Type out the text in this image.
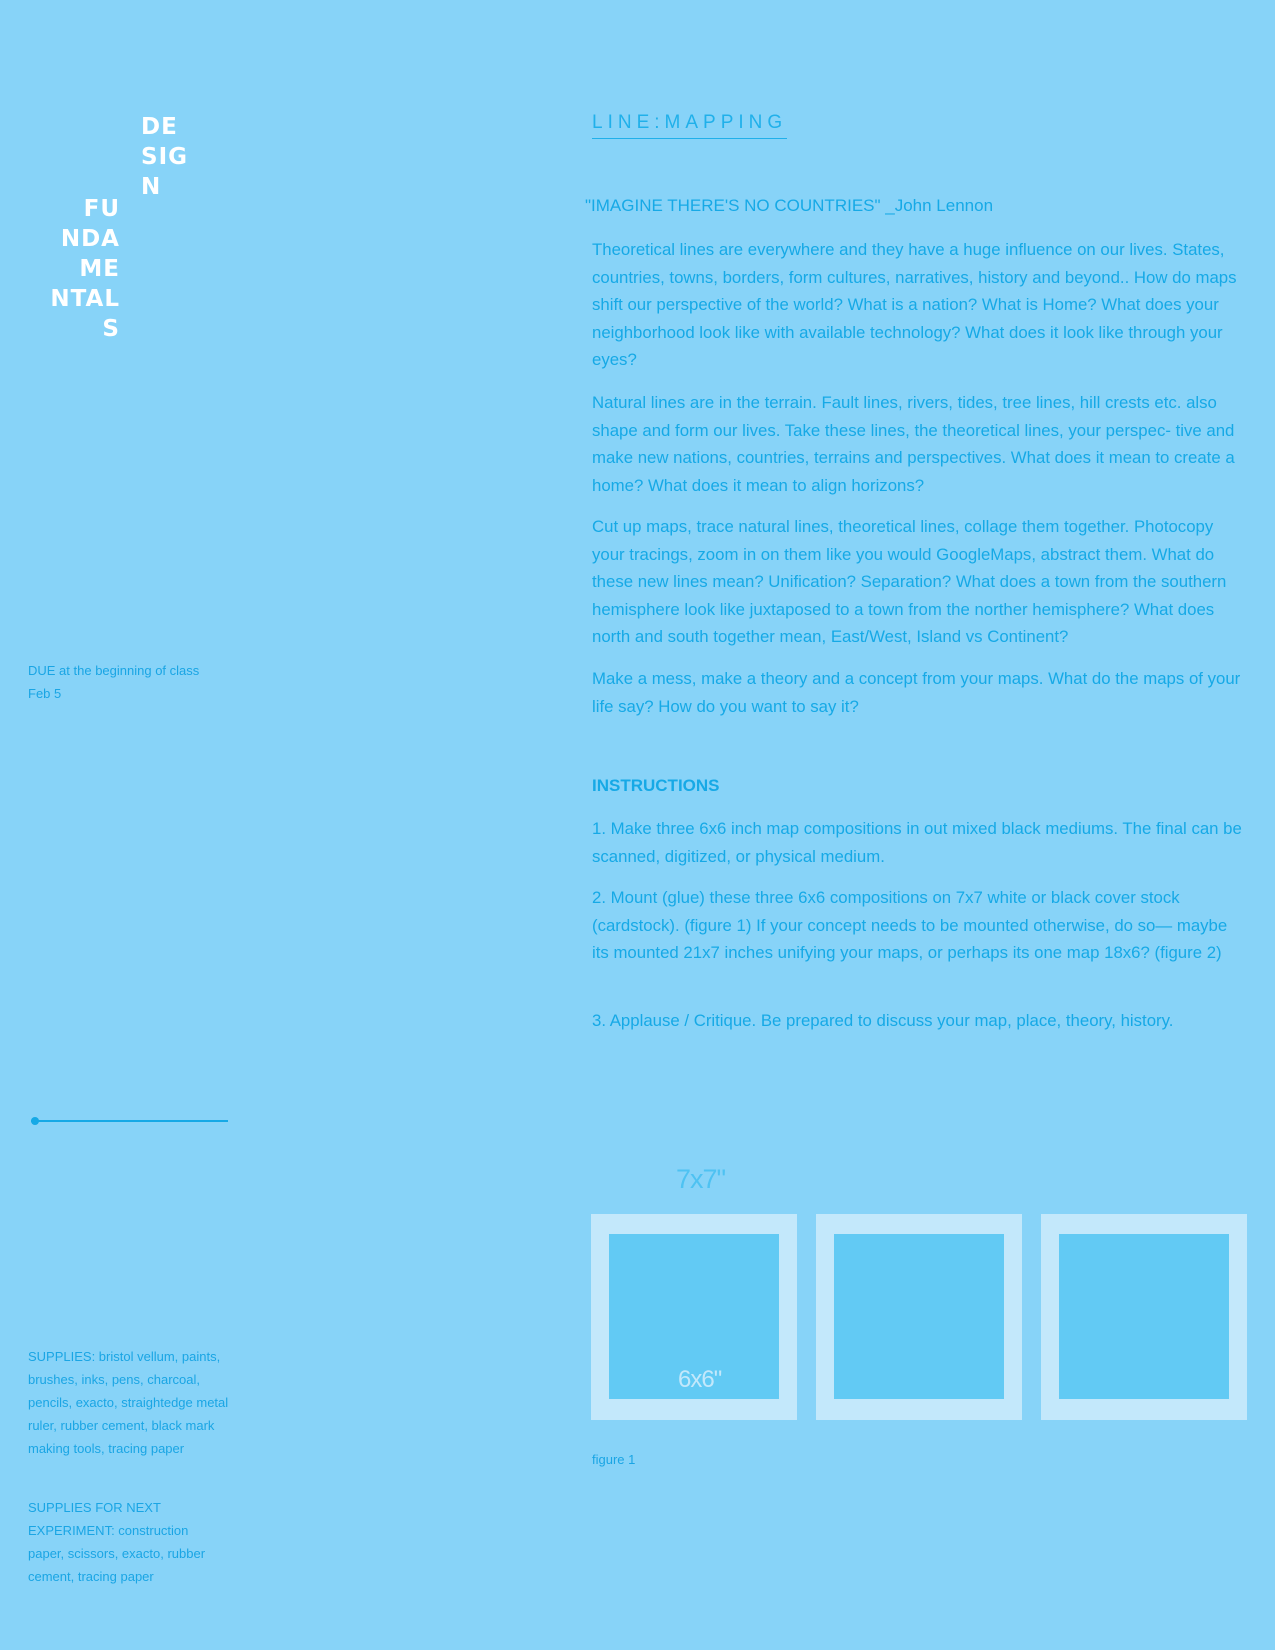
DE
SIG
N
FU
NDA
ME
NTAL
S
DUE at the beginning of class
Feb 5
SUPPLIES: bristol vellum, paints, brushes, inks, pens, charcoal, pencils, exacto, straightedge metal ruler, rubber cement, black mark making tools, tracing paper
SUPPLIES FOR NEXT EXPERIMENT: construction paper, scissors, exacto, rubber cement, tracing paper
LINE:MAPPING
"IMAGINE THERE'S NO COUNTRIES" _John Lennon
Theoretical lines are everywhere and they have a huge influence on our lives. States, countries, towns, borders, form cultures, narratives, history and beyond.. How do maps shift our perspective of the world? What is a nation? What is Home? What does your neighborhood look like with available technology? What does it look like through your eyes?
Natural lines are in the terrain. Fault lines, rivers, tides, tree lines, hill crests etc. also shape and form our lives. Take these lines, the theoretical lines, your perspec- tive and make new nations, countries, terrains and perspectives. What does it mean to create a home? What does it mean to align horizons?
Cut up maps, trace natural lines, theoretical lines, collage them together. Photocopy your tracings, zoom in on them like you would GoogleMaps, abstract them. What do these new lines mean? Unification? Separation? What does a town from the southern hemisphere look like juxtaposed to a town from the norther hemisphere? What does north and south together mean, East/West, Island vs Continent?
Make a mess, make a theory and a concept from your maps. What do the maps of your life say? How do you want to say it?
INSTRUCTIONS
1. Make three 6x6 inch map compositions in out mixed black mediums. The final can be scanned, digitized, or physical medium.
2. Mount (glue) these three 6x6 compositions on 7x7 white or black cover stock (cardstock). (figure 1) If your concept needs to be mounted otherwise, do so— maybe its mounted 21x7 inches unifying your maps, or perhaps its one map 18x6? (figure 2)
3. Applause / Critique. Be prepared to discuss your map, place, theory, history.
7x7"
6x6"
figure 1
